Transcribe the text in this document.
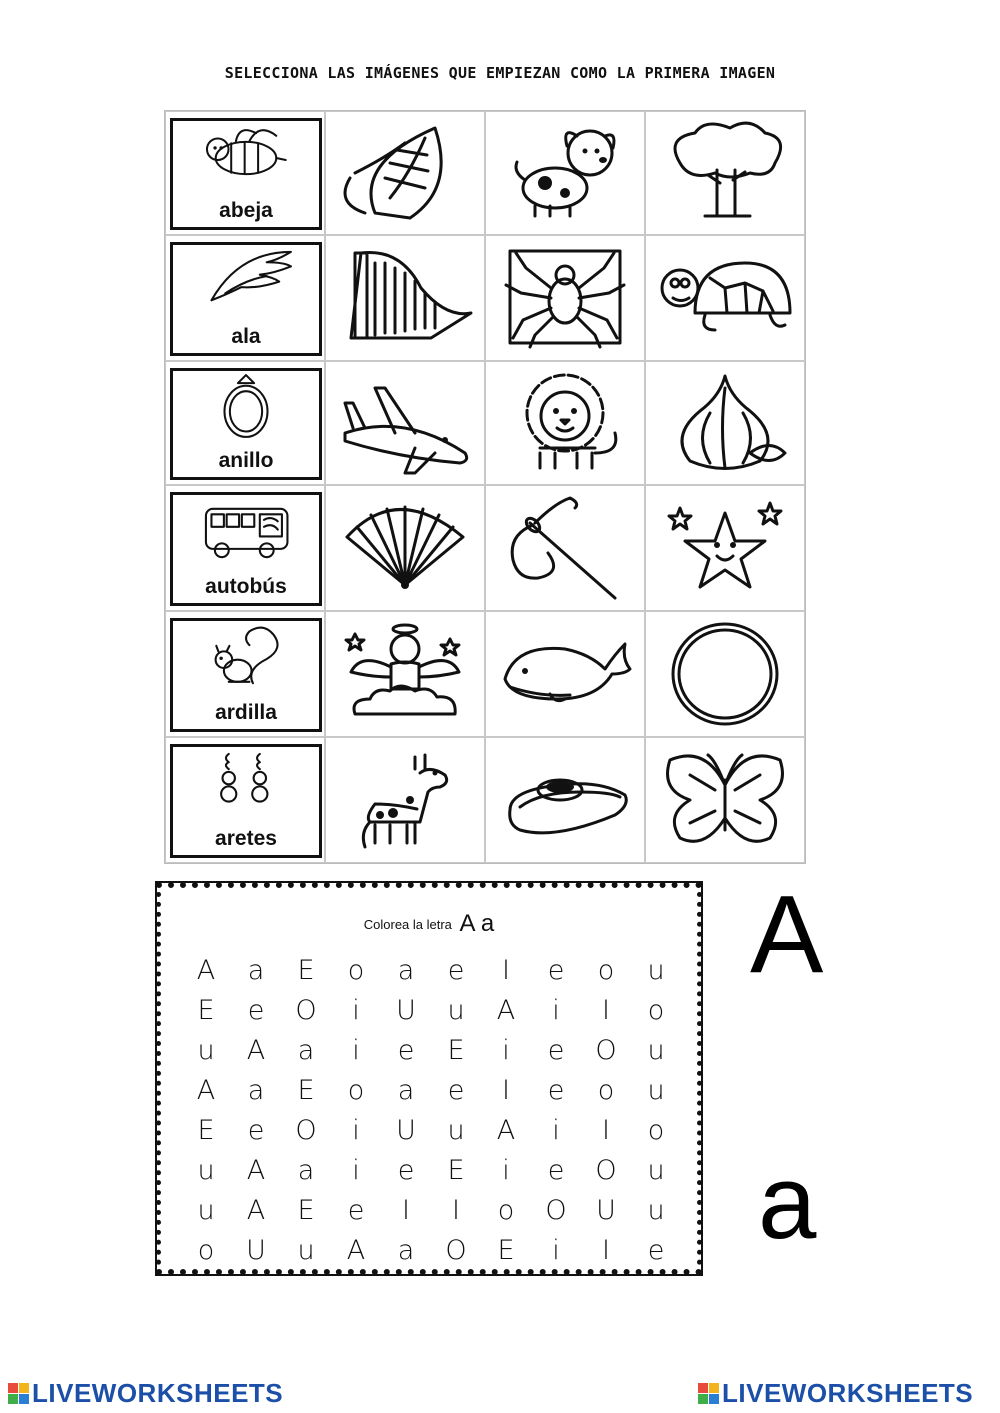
SELECCIONA LAS IMÁGENES QUE EMPIEZAN COMO LA PRIMERA IMAGEN
abeja
ala
anillo
autobús
ardilla
aretes
Colorea la letra A a
A	a	E	o	a	e	I	e	o	u
E	e	O	i	U	u	A	i	I	o
u	A	a	i	e	E	i	e	O	u
A	a	E	o	a	e	I	e	o	u
E	e	O	i	U	u	A	i	I	o
u	A	a	i	e	E	i	e	O	u
u	A	E	e	I	I	o	O	U	u
o	U	u	A	a	O	E	i	I	e
A
a
LIVEWORKSHEETS	LIVEWORKSHEETS
